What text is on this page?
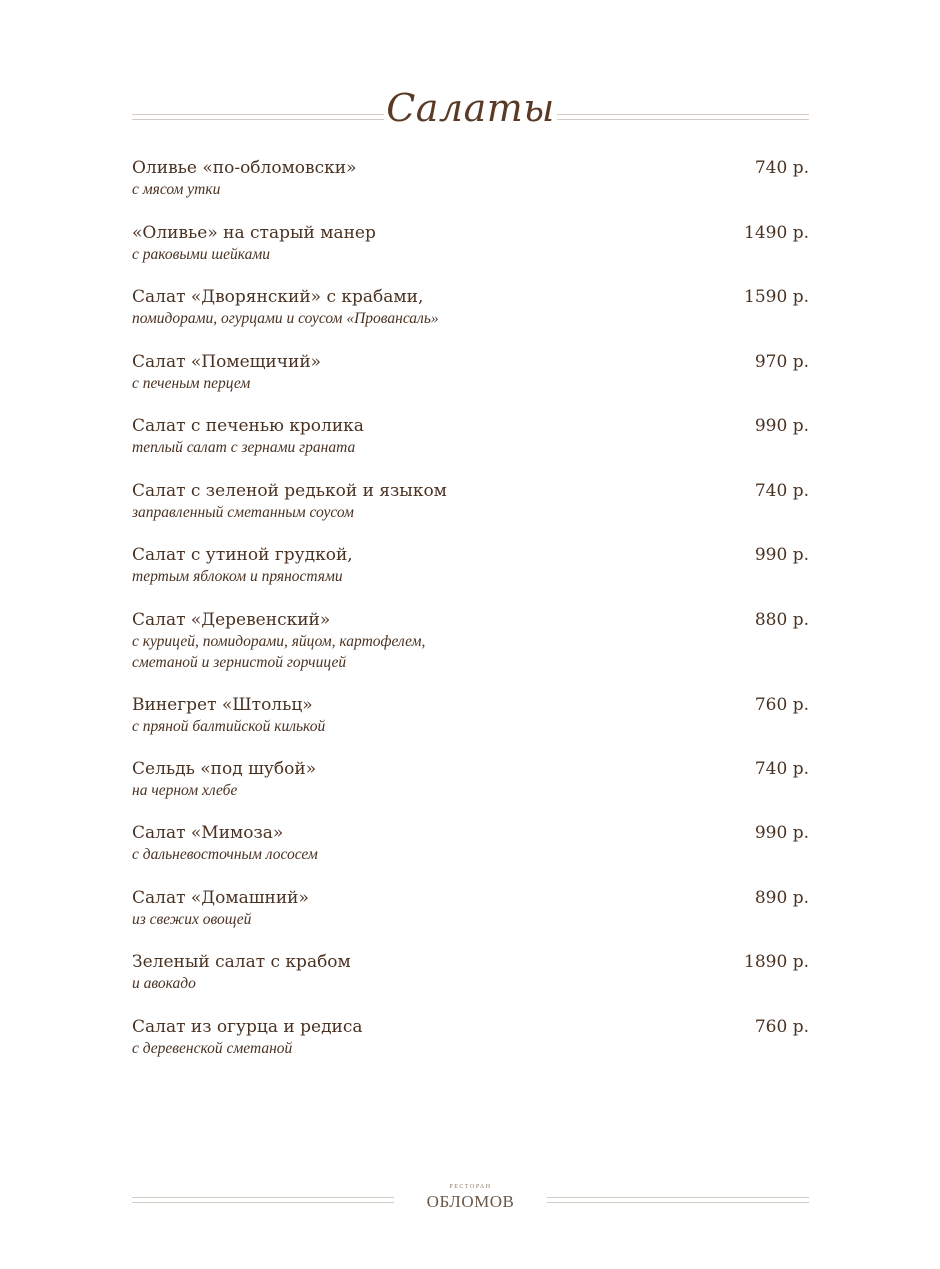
Салаты
Оливье «по-обломовски»	740 р.
с мясом утки
«Оливье» на старый манер	1490 р.
с раковыми шейками
Салат «Дворянский» с крабами,	1590 р.
помидорами, огурцами и соусом «Провансаль»
Салат «Помещичий»	970 р.
с печеным перцем
Салат с печенью кролика	990 р.
теплый салат с зернами граната
Салат с зеленой редькой и языком	740 р.
заправленный сметанным соусом
Салат с утиной грудкой,	990 р.
тертым яблоком и пряностями
Салат «Деревенский»	880 р.
с курицей, помидорами, яйцом, картофелем,
сметаной и зернистой горчицей
Винегрет «Штольц»	760 р.
с пряной балтийской килькой
Сельдь «под шубой»	740 р.
на черном хлебе
Салат «Мимоза»	990 р.
с дальневосточным лососем
Салат «Домашний»	890 р.
из свежих овощей
Зеленый салат с крабом	1890 р.
и авокадо
Салат из огурца и редиса	760 р.
с деревенской сметаной
РЕСТОРАН
ОБЛОМОВ
